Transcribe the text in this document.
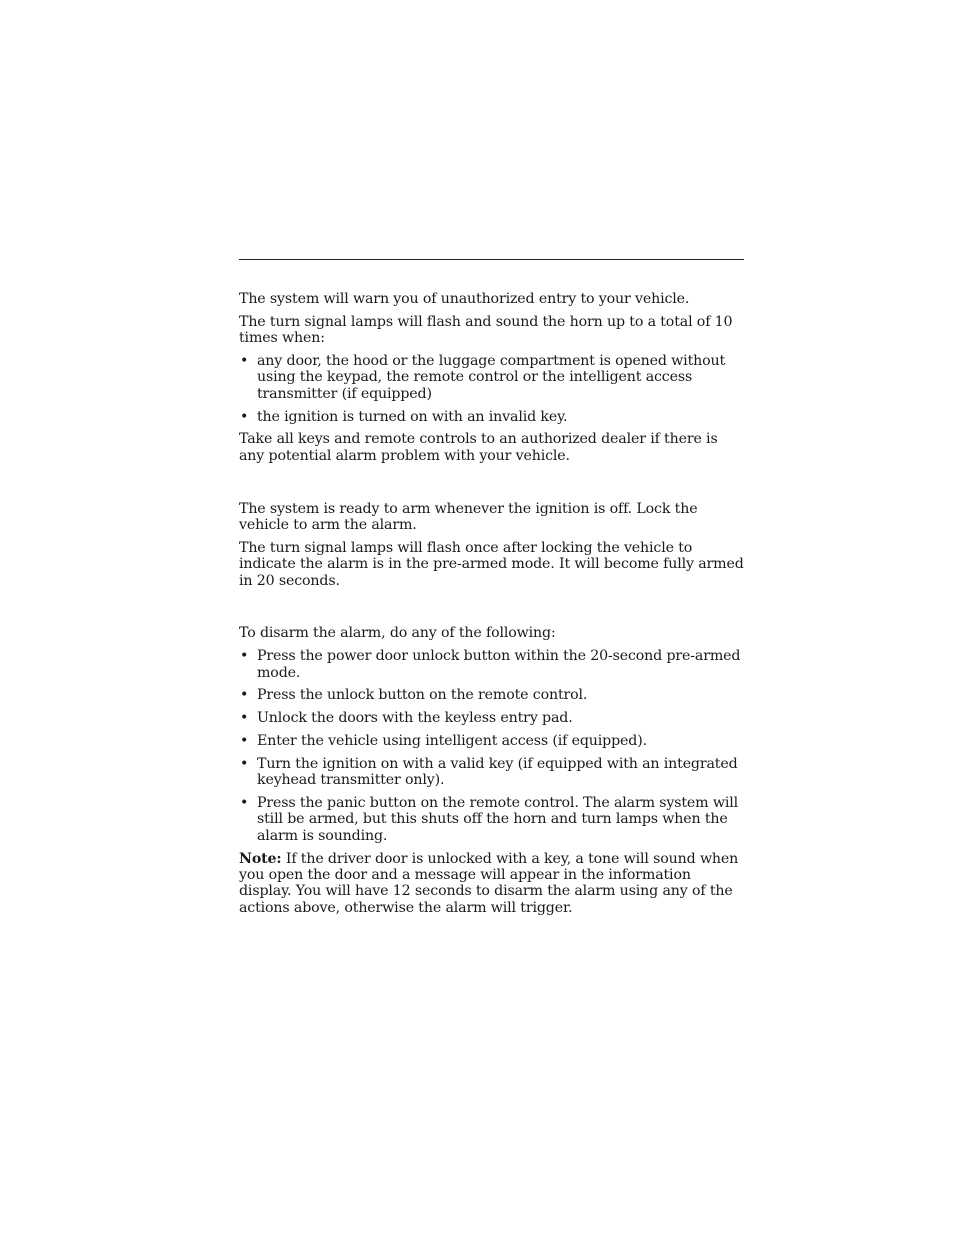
The system will warn you of unauthorized entry to your vehicle.

The turn signal lamps will flash and sound the horn up to a total of 10 times when:

• any door, the hood or the luggage compartment is opened without using the keypad, the remote control or the intelligent access transmitter (if equipped)
• the ignition is turned on with an invalid key.

Take all keys and remote controls to an authorized dealer if there is any potential alarm problem with your vehicle.

The system is ready to arm whenever the ignition is off. Lock the vehicle to arm the alarm.

The turn signal lamps will flash once after locking the vehicle to indicate the alarm is in the pre-armed mode. It will become fully armed in 20 seconds.

To disarm the alarm, do any of the following:

• Press the power door unlock button within the 20-second pre-armed mode.
• Press the unlock button on the remote control.
• Unlock the doors with the keyless entry pad.
• Enter the vehicle using intelligent access (if equipped).
• Turn the ignition on with a valid key (if equipped with an integrated keyhead transmitter only).
• Press the panic button on the remote control. The alarm system will still be armed, but this shuts off the horn and turn lamps when the alarm is sounding.

Note: If the driver door is unlocked with a key, a tone will sound when you open the door and a message will appear in the information display. You will have 12 seconds to disarm the alarm using any of the actions above, otherwise the alarm will trigger.
